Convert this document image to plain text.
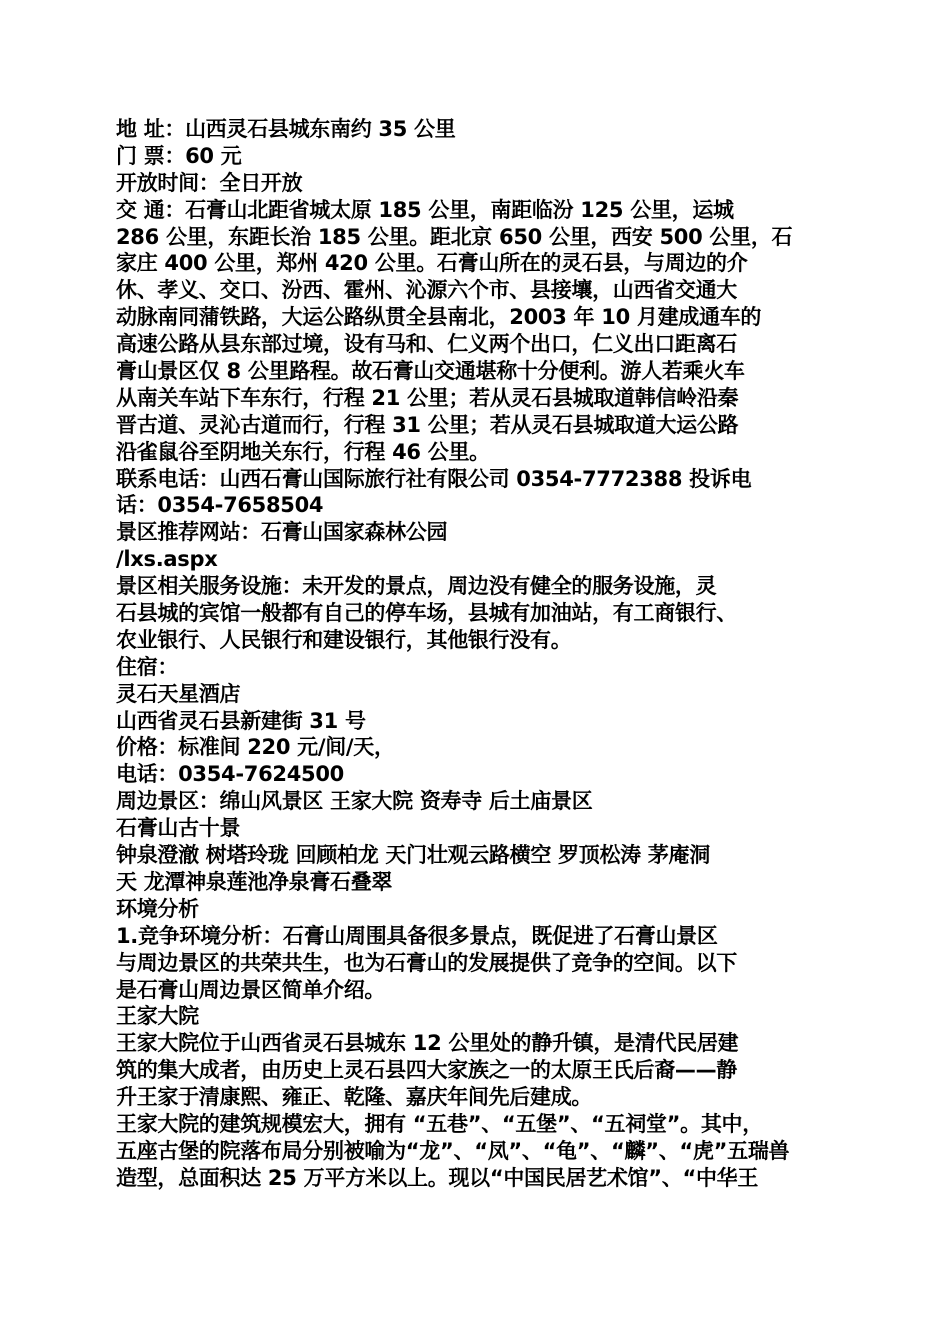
地 址：山西灵石县城东南约 35 公里
门 票：60 元
开放时间：全日开放
交 通：石膏山北距省城太原 185 公里，南距临汾 125 公里，运城
286 公里，东距长治 185 公里。距北京 650 公里，西安 500 公里，石
家庄 400 公里，郑州 420 公里。石膏山所在的灵石县，与周边的介
休、孝义、交口、汾西、霍州、沁源六个市、县接壤，山西省交通大
动脉南同蒲铁路，大运公路纵贯全县南北，2003 年 10 月建成通车的
高速公路从县东部过境，设有马和、仁义两个出口，仁义出口距离石
膏山景区仅 8 公里路程。故石膏山交通堪称十分便利。游人若乘火车
从南关车站下车东行，行程 21 公里；若从灵石县城取道韩信岭沿秦
晋古道、灵沁古道而行，行程 31 公里；若从灵石县城取道大运公路
沿雀鼠谷至阴地关东行，行程 46 公里。
联系电话：山西石膏山国际旅行社有限公司 0354-7772388 投诉电
话：0354-7658504
景区推荐网站：石膏山国家森林公园
/lxs.aspx
景区相关服务设施：未开发的景点，周边没有健全的服务设施，灵
石县城的宾馆一般都有自己的停车场，县城有加油站，有工商银行、
农业银行、人民银行和建设银行，其他银行没有。
住宿：
灵石天星酒店
山西省灵石县新建街 31 号
价格：标准间 220 元/间/天，
电话：0354-7624500
周边景区：绵山风景区 王家大院 资寿寺 后土庙景区
石膏山古十景
钟泉澄澈 树塔玲珑 回顾柏龙 天门壮观云路横空 罗顶松涛 茅庵洞
天 龙潭神泉莲池净泉膏石叠翠
环境分析
1.竞争环境分析：石膏山周围具备很多景点，既促进了石膏山景区
与周边景区的共荣共生，也为石膏山的发展提供了竞争的空间。以下
是石膏山周边景区简单介绍。
王家大院
王家大院位于山西省灵石县城东 12 公里处的静升镇，是清代民居建
筑的集大成者，由历史上灵石县四大家族之一的太原王氏后裔——静
升王家于清康熙、雍正、乾隆、嘉庆年间先后建成。
王家大院的建筑规模宏大，拥有 “五巷”、“五堡”、“五祠堂”。其中，
五座古堡的院落布局分别被喻为“龙”、“凤”、“龟”、“麟”、“虎”五瑞兽
造型，总面积达 25 万平方米以上。现以“中国民居艺术馆”、“中华王
